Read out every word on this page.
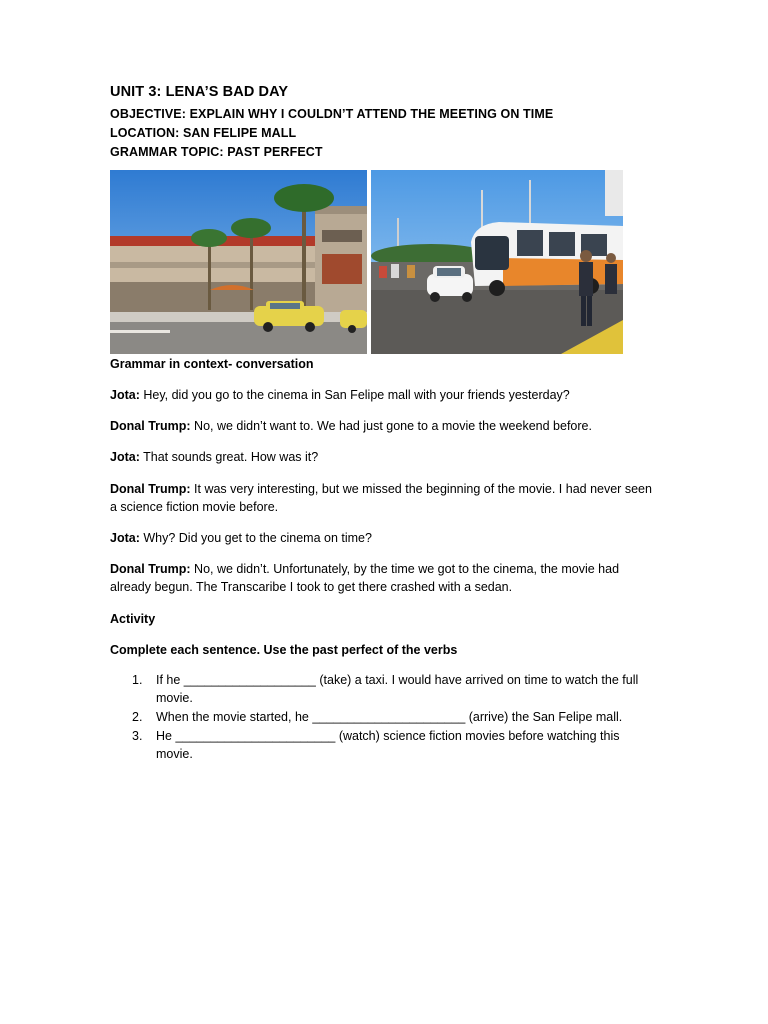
UNIT 3: LENA’S BAD DAY
OBJECTIVE: EXPLAIN WHY I COULDN’T ATTEND THE MEETING ON TIME
LOCATION: SAN FELIPE MALL
GRAMMAR TOPIC: PAST PERFECT
Grammar in context- conversation
Jota: Hey, did you go to the cinema in San Felipe mall with your friends yesterday?
Donal Trump: No, we didn’t want to. We had just gone to a movie the weekend before.
Jota: That sounds great. How was it?
Donal Trump: It was very interesting, but we missed the beginning of the movie. I had never seen a science fiction movie before.
Jota: Why? Did you get to the cinema on time?
Donal Trump: No, we didn’t. Unfortunately, by the time we got to the cinema, the movie had already begun. The Transcaribe I took to get there crashed with a sedan.
Activity
Complete each sentence. Use the past perfect of the verbs
1. If he ___________________ (take) a taxi. I would have arrived on time to watch the full movie.
2. When the movie started, he ______________________ (arrive) the San Felipe mall.
3. He _______________________ (watch) science fiction movies before watching this movie.
